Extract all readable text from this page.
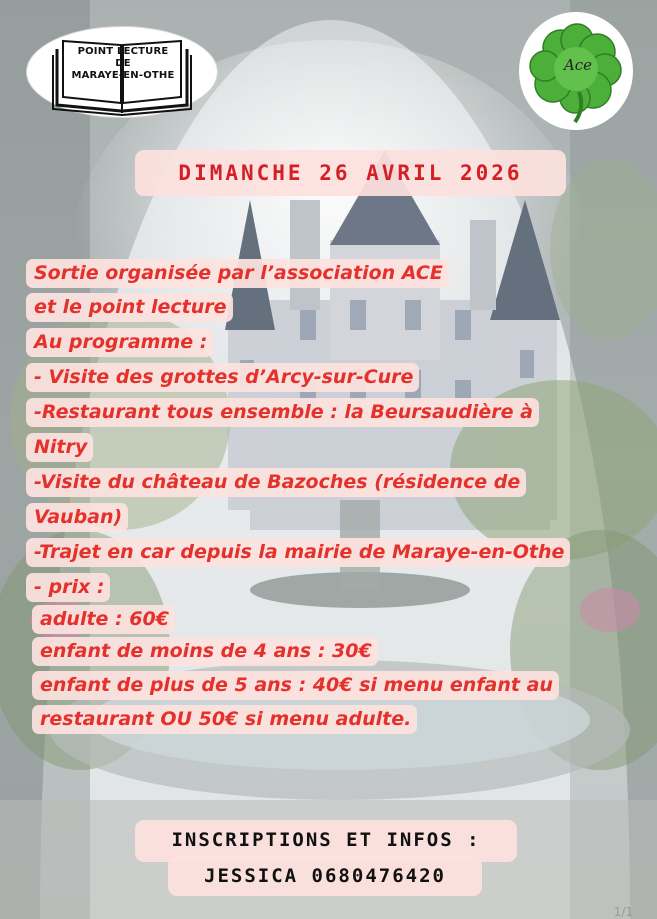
POINT LECTURE
DE
MARAYE-EN-OTHE
Ace
DIMANCHE 26 AVRIL 2026
Sortie organisée par l’association ACE
et le point lecture
Au programme :
- Visite des grottes d’Arcy-sur-Cure
-Restaurant tous ensemble : la Beursaudière à
Nitry
-Visite du château de Bazoches (résidence de
Vauban)
-Trajet en car depuis la mairie de Maraye-en-Othe
- prix :
adulte : 60€
enfant de moins de 4 ans : 30€
enfant de plus de 5 ans : 40€ si menu enfant au
restaurant OU 50€ si menu adulte.
INSCRIPTIONS ET INFOS :
JESSICA 0680476420
1/1
